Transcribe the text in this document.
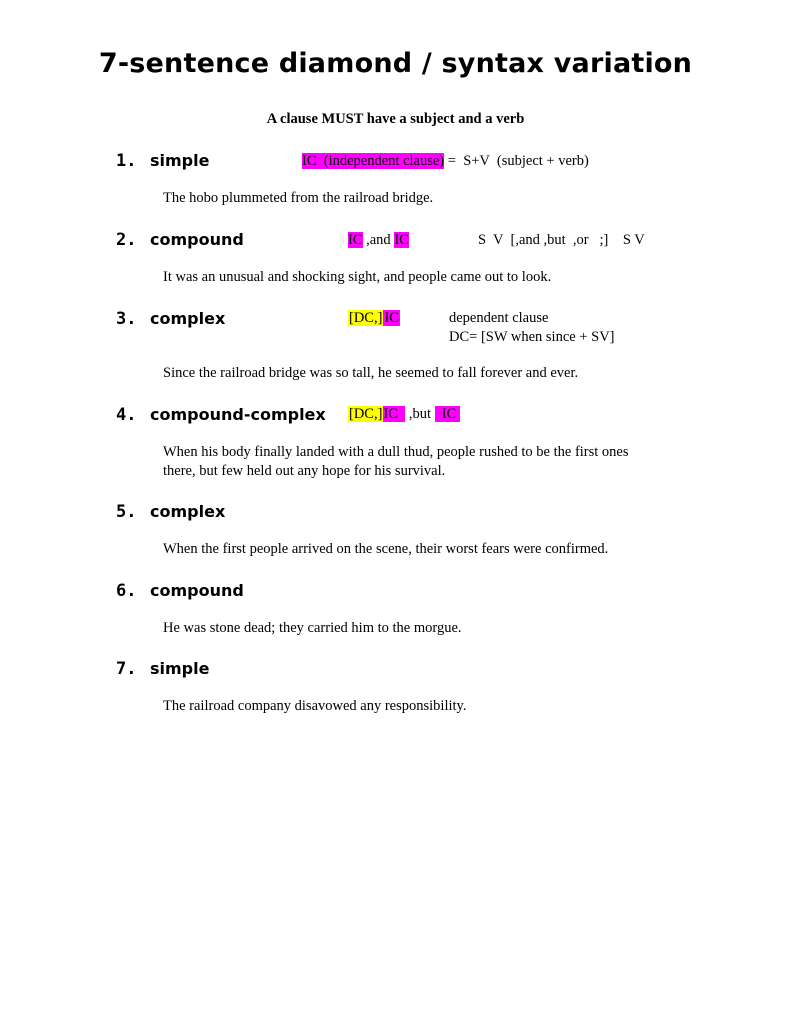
7-sentence diamond / syntax variation
A clause MUST have a subject and a verb
1. simple	IC  (independent clause) =  S+V  (subject + verb)
The hobo plummeted from the railroad bridge.
2. compound	IC ,and IC	S  V  [,and ,but  ,or   ;]    S V
It was an unusual and shocking sight, and people came out to look.
3. complex	[DC,] IC	dependent clause
DC= [SW when since + SV]
Since the railroad bridge was so tall, he seemed to fall forever and ever.
4. compound-complex [DC,]IC   ,but   IC
When his body finally landed with a dull thud, people rushed to be the first ones
there, but few held out any hope for his survival.
5. complex
When the first people arrived on the scene, their worst fears were confirmed.
6. compound
He was stone dead; they carried him to the morgue.
7. simple
The railroad company disavowed any responsibility.
